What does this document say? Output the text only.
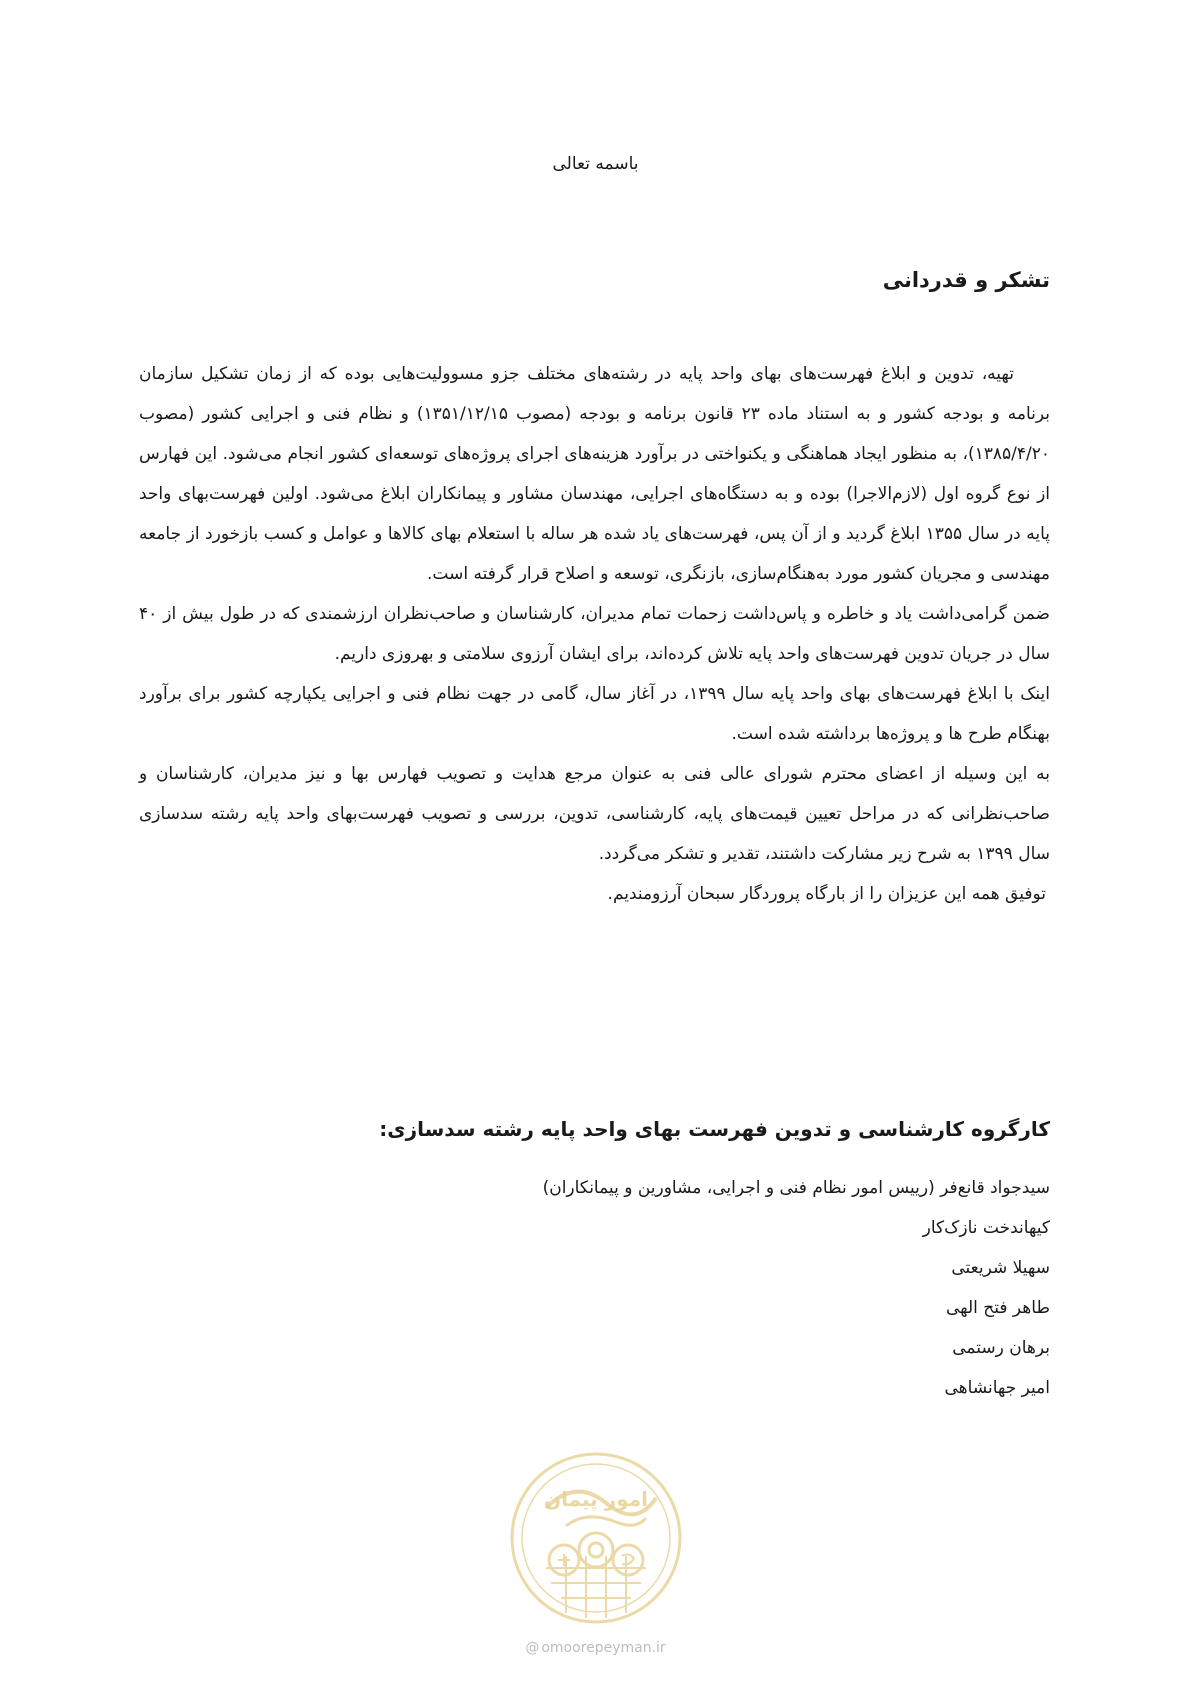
باسمه تعالی
تشکر و قدردانی

تهیه، تدوین و ابلاغ فهرست‌های بهای واحد پایه در رشته‌های مختلف جزو مسوولیت‌هایی بوده که از زمان تشکیل سازمان برنامه و بودجه کشور و به استناد ماده ۲۳ قانون برنامه و بودجه (مصوب ۱۳۵۱/۱۲/۱۵) و نظام فنی و اجرایی کشور (مصوب ۱۳۸۵/۴/۲۰)، به منظور ایجاد هماهنگی و یکنواختی در برآورد هزینه‌های اجرای پروژه‌های توسعه‌ای کشور انجام می‌شود. این فهارس از نوع گروه اول (لازم‌الاجرا) بوده و به دستگاه‌های اجرایی، مهندسان مشاور و پیمانکاران ابلاغ می‌شود. اولین فهرست‌بهای واحد پایه در سال ۱۳۵۵ ابلاغ گردید و از آن پس، فهرست‌های یاد شده هر ساله با استعلام بهای کالاها و عوامل و کسب بازخورد از جامعه مهندسی و مجریان کشور مورد به‌هنگام‌سازی، بازنگری، توسعه و اصلاح قرار گرفته است.

ضمن گرامی‌داشت یاد و خاطره و پاس‌داشت زحمات تمام مدیران، کارشناسان و صاحب‌نظران ارزشمندی که در طول بیش از ۴۰ سال در جریان تدوین فهرست‌های واحد پایه تلاش کرده‌اند، برای ایشان آرزوی سلامتی و بهروزی داریم.

اینک با ابلاغ فهرست‌های بهای واحد پایه سال ۱۳۹۹، در آغاز سال، گامی در جهت نظام فنی و اجرایی یکپارچه کشور برای برآورد بهنگام طرح ها و پروژه‌ها برداشته شده است.

به این وسیله از اعضای محترم شورای عالی فنی به عنوان مرجع هدایت و تصویب فهارس بها و نیز مدیران، کارشناسان و صاحب‌نظرانی که در مراحل تعیین قیمت‌های پایه، کارشناسی، تدوین، بررسی و تصویب فهرست‌بهای واحد پایه رشته سدسازی سال ۱۳۹۹ به شرح زیر مشارکت داشتند، تقدیر و تشکر می‌گردد.

توفیق همه این عزیزان را از بارگاه پروردگار سبحان آرزومندیم.

کارگروه کارشناسی و تدوین فهرست بهای واحد پایه رشته سدسازی:
سیدجواد قانع‌فر (رییس امور نظام فنی و اجرایی، مشاورین و پیمانکاران)
کیهاندخت نازک‌کار
سهیلا شریعتی
طاهر فتح الهی
برهان رستمی
امیر جهانشاهی
امور پیمان
@ omoorepeyman.ir
